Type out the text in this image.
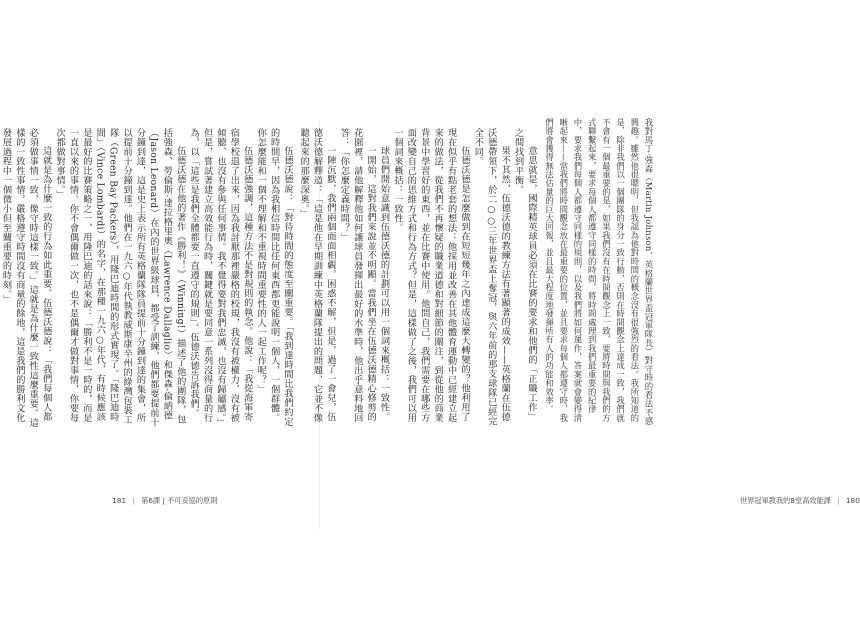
伍德沃德說：「對待時間的態度至關重要。「我到達時間比我們約定的時間早，因為我相信時間比任何東西都更能說明一個人，一個群體。你怎麼能和一個不理解和不重視時間重要性的人一起工作呢？」

伍德沃德強調，這種方法不是對規則的執念。他說：「我從海軍寄宿學校退了出來，因為我討厭那裡嚴格的校規，我沒有被權力、沒有被傾聽、也沒有參與任何事情。我不覺得要對我們忠誠，也沒有歸屬感。」但是，嘗試著建立高效能行為時，關鍵就是要同意一系列沒得商量的行為，以「這些是我們全體都要一直遵守的規則」。伍德沃德告訴我們。

伍德沃德在他的著作《勝利！》（Winning!）描述了他的團隊，包括強森、勞倫斯·達拉格里奧（Lawrence Dallaglio）和傑森·倫納德（Jason Leonard）在內的世界級球員，都受了訓練，他們都要提前十分鐘到達，這是史上表示所有英格蘭隊隊員提前十分鐘到達的集會，所以提前十分鐘到達。他們在一九六○年代執教威斯康辛州的綠灣包裝工隊（Green Bay Packers），用隆巴迪時間的形式實現了。「隆巴迪時間」（Vince Lombardi）的名字，在那種一九六○年代，有時候應該是最好的比賽策略之一，用隆巴迪的話來說：「勝利不是一時的，而是一直以來的事情。你不會偶爾做一次，也不是偶爾才做對事情，你要每次都做對事情。」

這就是為什麼一致的行為如此重要。伍德沃德說：「我們每個人都必須做事情一致，像守時這樣一致。」這就是為什麼一致性這麼重要。這樣的一致性事情，嚴格遵守時間沒有商量的餘地，這是我們的勝利文化發展過程中一個微小但至關重要的時刻。」

181 | 第6課 | 不可妥協的原則

意思就是，國際精英球員必須在比賽的要求和他們的「正職工作」之間找到平衡。

果不其然，伍德沃德的教練方法有著顯著的成效——英格蘭在伍德沃德帶領下，於二○○三年世界盃上奪冠，與六年前的那支球隊已經完全不同。

伍德沃德是怎麼做到在短短幾年之內達成這麼大轉變的？他利用了現在似乎有點老套的想法：他採用並改善在其他體育運動中已經建立起來的做法，從我們不再懷疑的職業道德和對細節的關注，到從他的商業背景中學習好的東西，並在比賽中使用。他問自己，我們需要在哪些方面改變自己的思維方式和行為方式？但是，這樣做了之後，我們可以用一個詞來概括：一致性。

球員們開始意識到伍德沃德的計劃可以用一個詞來概括：一致性。

一開始，這對我們來說並不明顯。當我們坐在伍德沃德精心修剪的花園裡，請他解釋他如何讓球員發揮出最好的水準時，他出乎意料地回答：「你怎麼定義時間？」

一陣沉默，我們兩個面面相覷，困惑不解，但是，過了一會兒，伍德沃德解釋道：「這是他在早期訓練中英格蘭隊提出的問題，它並不像聽起來的那麼深奧。」	我對馬丁·強森（Martin Johnson，英格蘭世界盃冠軍隊長）對守時的看法不感興趣。雖然他很聰明，但我認為他對時間的概念沒有很強烈的看法。我所知道的是，除非我們以一個團隊的身分一致行動，否則在時間觀念上達成一致，我們就不會有一個最重要的是，如果我們沒有在時間觀念上一致，要將時間與我們的方式聯繫起來，要求每個人都遵守同樣的時間，將時間處理到我們最重要的紀律中，要求我們每個人都遵守同樣的規則，以及我們將如何運作，答案就會變得清晰起來——當我們將時間觀念放在最重要的位置，並且要求每個人都遵守時，我們將會獲得無法估量的巨大回報，並且最大程度地發揮所有人的功能和效率。
世界冠軍教我的8堂高效能課 | 180
